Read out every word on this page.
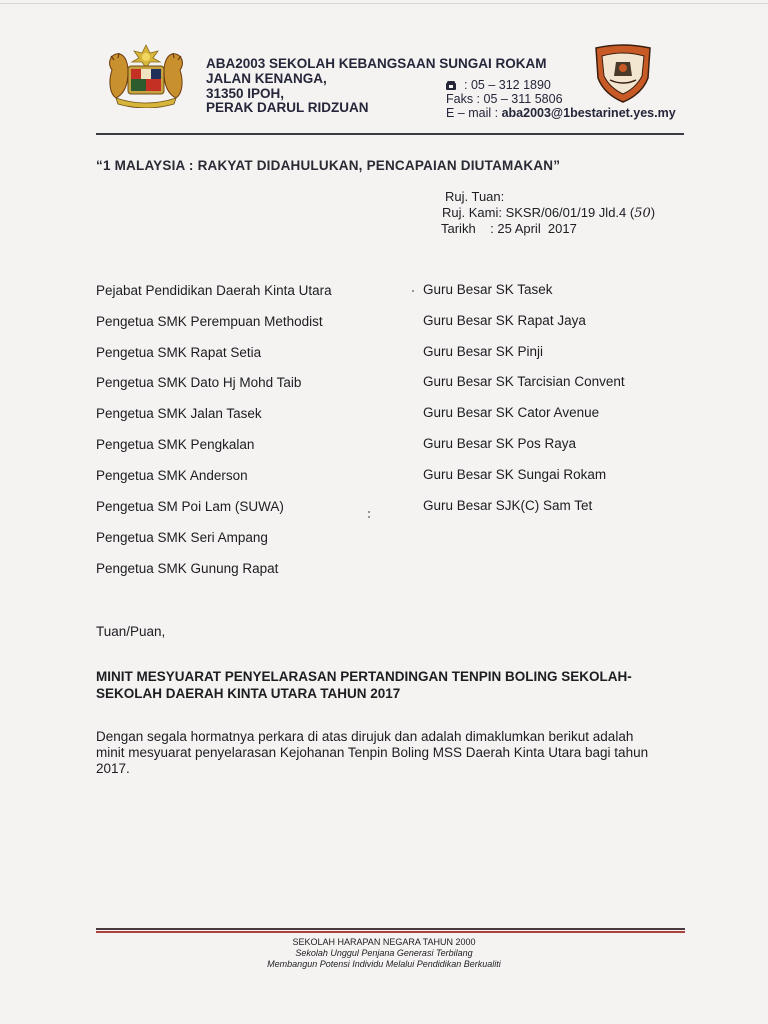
ABA2003 SEKOLAH KEBANGSAAN SUNGAI ROKAM
JALAN KENANGA,
31350 IPOH,
PERAK DARUL RIDZUAN
: 05 – 312 1890
Faks : 05 – 311 5806
E – mail : aba2003@1bestarinet.yes.my
“1 MALAYSIA : RAKYAT DIDAHULUKAN, PENCAPAIAN DIUTAMAKAN”
Ruj. Tuan:
Ruj. Kami: SKSR/06/01/19 Jld.4 (50)
Tarikh    : 25 April  2017
Pejabat Pendidikan Daerah Kinta Utara
Pengetua SMK Perempuan Methodist
Pengetua SMK Rapat Setia
Pengetua SMK Dato Hj Mohd Taib
Pengetua SMK Jalan Tasek
Pengetua SMK Pengkalan
Pengetua SMK Anderson
Pengetua SM Poi Lam (SUWA)
Pengetua SMK Seri Ampang
Pengetua SMK Gunung Rapat
Guru Besar SK Tasek
Guru Besar SK Rapat Jaya
Guru Besar SK Pinji
Guru Besar SK Tarcisian Convent
Guru Besar SK Cator Avenue
Guru Besar SK Pos Raya
Guru Besar SK Sungai Rokam
Guru Besar SJK(C) Sam Tet
Tuan/Puan,
MINIT MESYUARAT PENYELARASAN PERTANDINGAN TENPIN BOLING SEKOLAH-
SEKOLAH DAERAH KINTA UTARA TAHUN 2017
Dengan segala hormatnya perkara di atas dirujuk dan adalah dimaklumkan berikut adalah
minit mesyuarat penyelarasan Kejohanan Tenpin Boling MSS Daerah Kinta Utara bagi tahun
2017.
SEKOLAH HARAPAN NEGARA TAHUN 2000
Sekolah Unggul Penjana Generasi Terbilang
Membangun Potensi Individu Melalui Pendidikan Berkualiti
